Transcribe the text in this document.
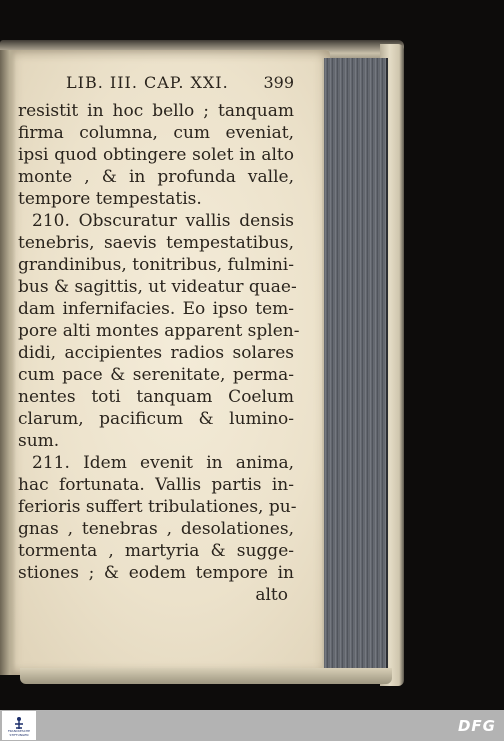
LIB. III. CAP. XXI. 399
resistit in hoc bello ; tanquam
firma columna, cum eveniat,
ipsi quod obtingere solet in alto
monte , & in profunda valle,
tempore tempestatis.
210. Obscuratur vallis densis
tenebris, saevis tempestatibus,
grandinibus, tonitribus, fulmini-
bus & sagittis, ut videatur quae-
dam infernifacies. Eo ipso tem-
pore alti montes apparent splen-
didi, accipientes radios solares
cum pace & serenitate, perma-
nentes toti tanquam Coelum
clarum, pacificum & lumino-
sum.
211. Idem evenit in anima,
hac fortunata. Vallis partis in-
ferioris suffert tribulationes, pu-
gnas , tenebras , desolationes,
tormenta , martyria & sugge-
stiones ; & eodem tempore in
alto
FRANCKESCHE
STIFTUNGEN	DFG
